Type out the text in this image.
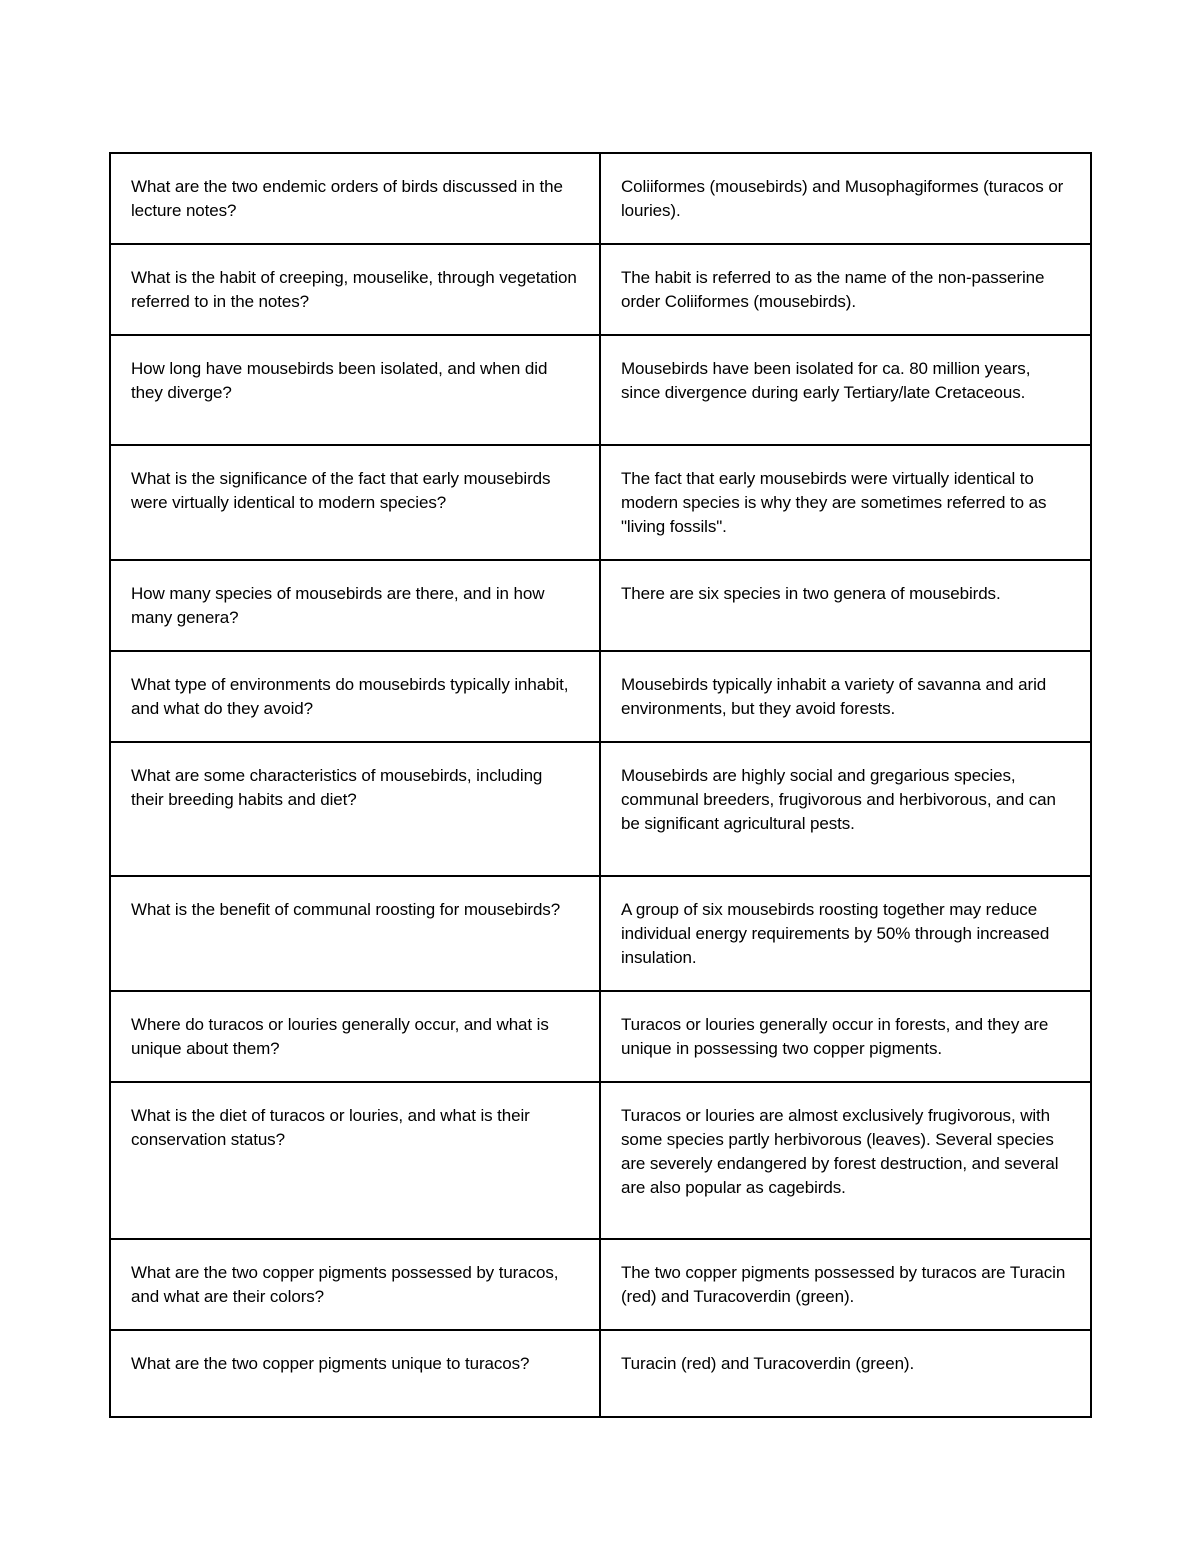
What are the two endemic orders of birds discussed in the lecture notes?	Coliiformes (mousebirds) and Musophagiformes (turacos or louries).
What is the habit of creeping, mouselike, through vegetation referred to in the notes?	The habit is referred to as the name of the non-passerine order Coliiformes (mousebirds).
How long have mousebirds been isolated, and when did they diverge?	Mousebirds have been isolated for ca. 80 million years, since divergence during early Tertiary/late Cretaceous.
What is the significance of the fact that early mousebirds were virtually identical to modern species?	The fact that early mousebirds were virtually identical to modern species is why they are sometimes referred to as "living fossils".
How many species of mousebirds are there, and in how many genera?	There are six species in two genera of mousebirds.
What type of environments do mousebirds typically inhabit, and what do they avoid?	Mousebirds typically inhabit a variety of savanna and arid environments, but they avoid forests.
What are some characteristics of mousebirds, including their breeding habits and diet?	Mousebirds are highly social and gregarious species, communal breeders, frugivorous and herbivorous, and can be significant agricultural pests.
What is the benefit of communal roosting for mousebirds?	A group of six mousebirds roosting together may reduce individual energy requirements by 50% through increased insulation.
Where do turacos or louries generally occur, and what is unique about them?	Turacos or louries generally occur in forests, and they are unique in possessing two copper pigments.
What is the diet of turacos or louries, and what is their conservation status?	Turacos or louries are almost exclusively frugivorous, with some species partly herbivorous (leaves). Several species are severely endangered by forest destruction, and several are also popular as cagebirds.
What are the two copper pigments possessed by turacos, and what are their colors?	The two copper pigments possessed by turacos are Turacin (red) and Turacoverdin (green).
What are the two copper pigments unique to turacos?	Turacin (red) and Turacoverdin (green).
